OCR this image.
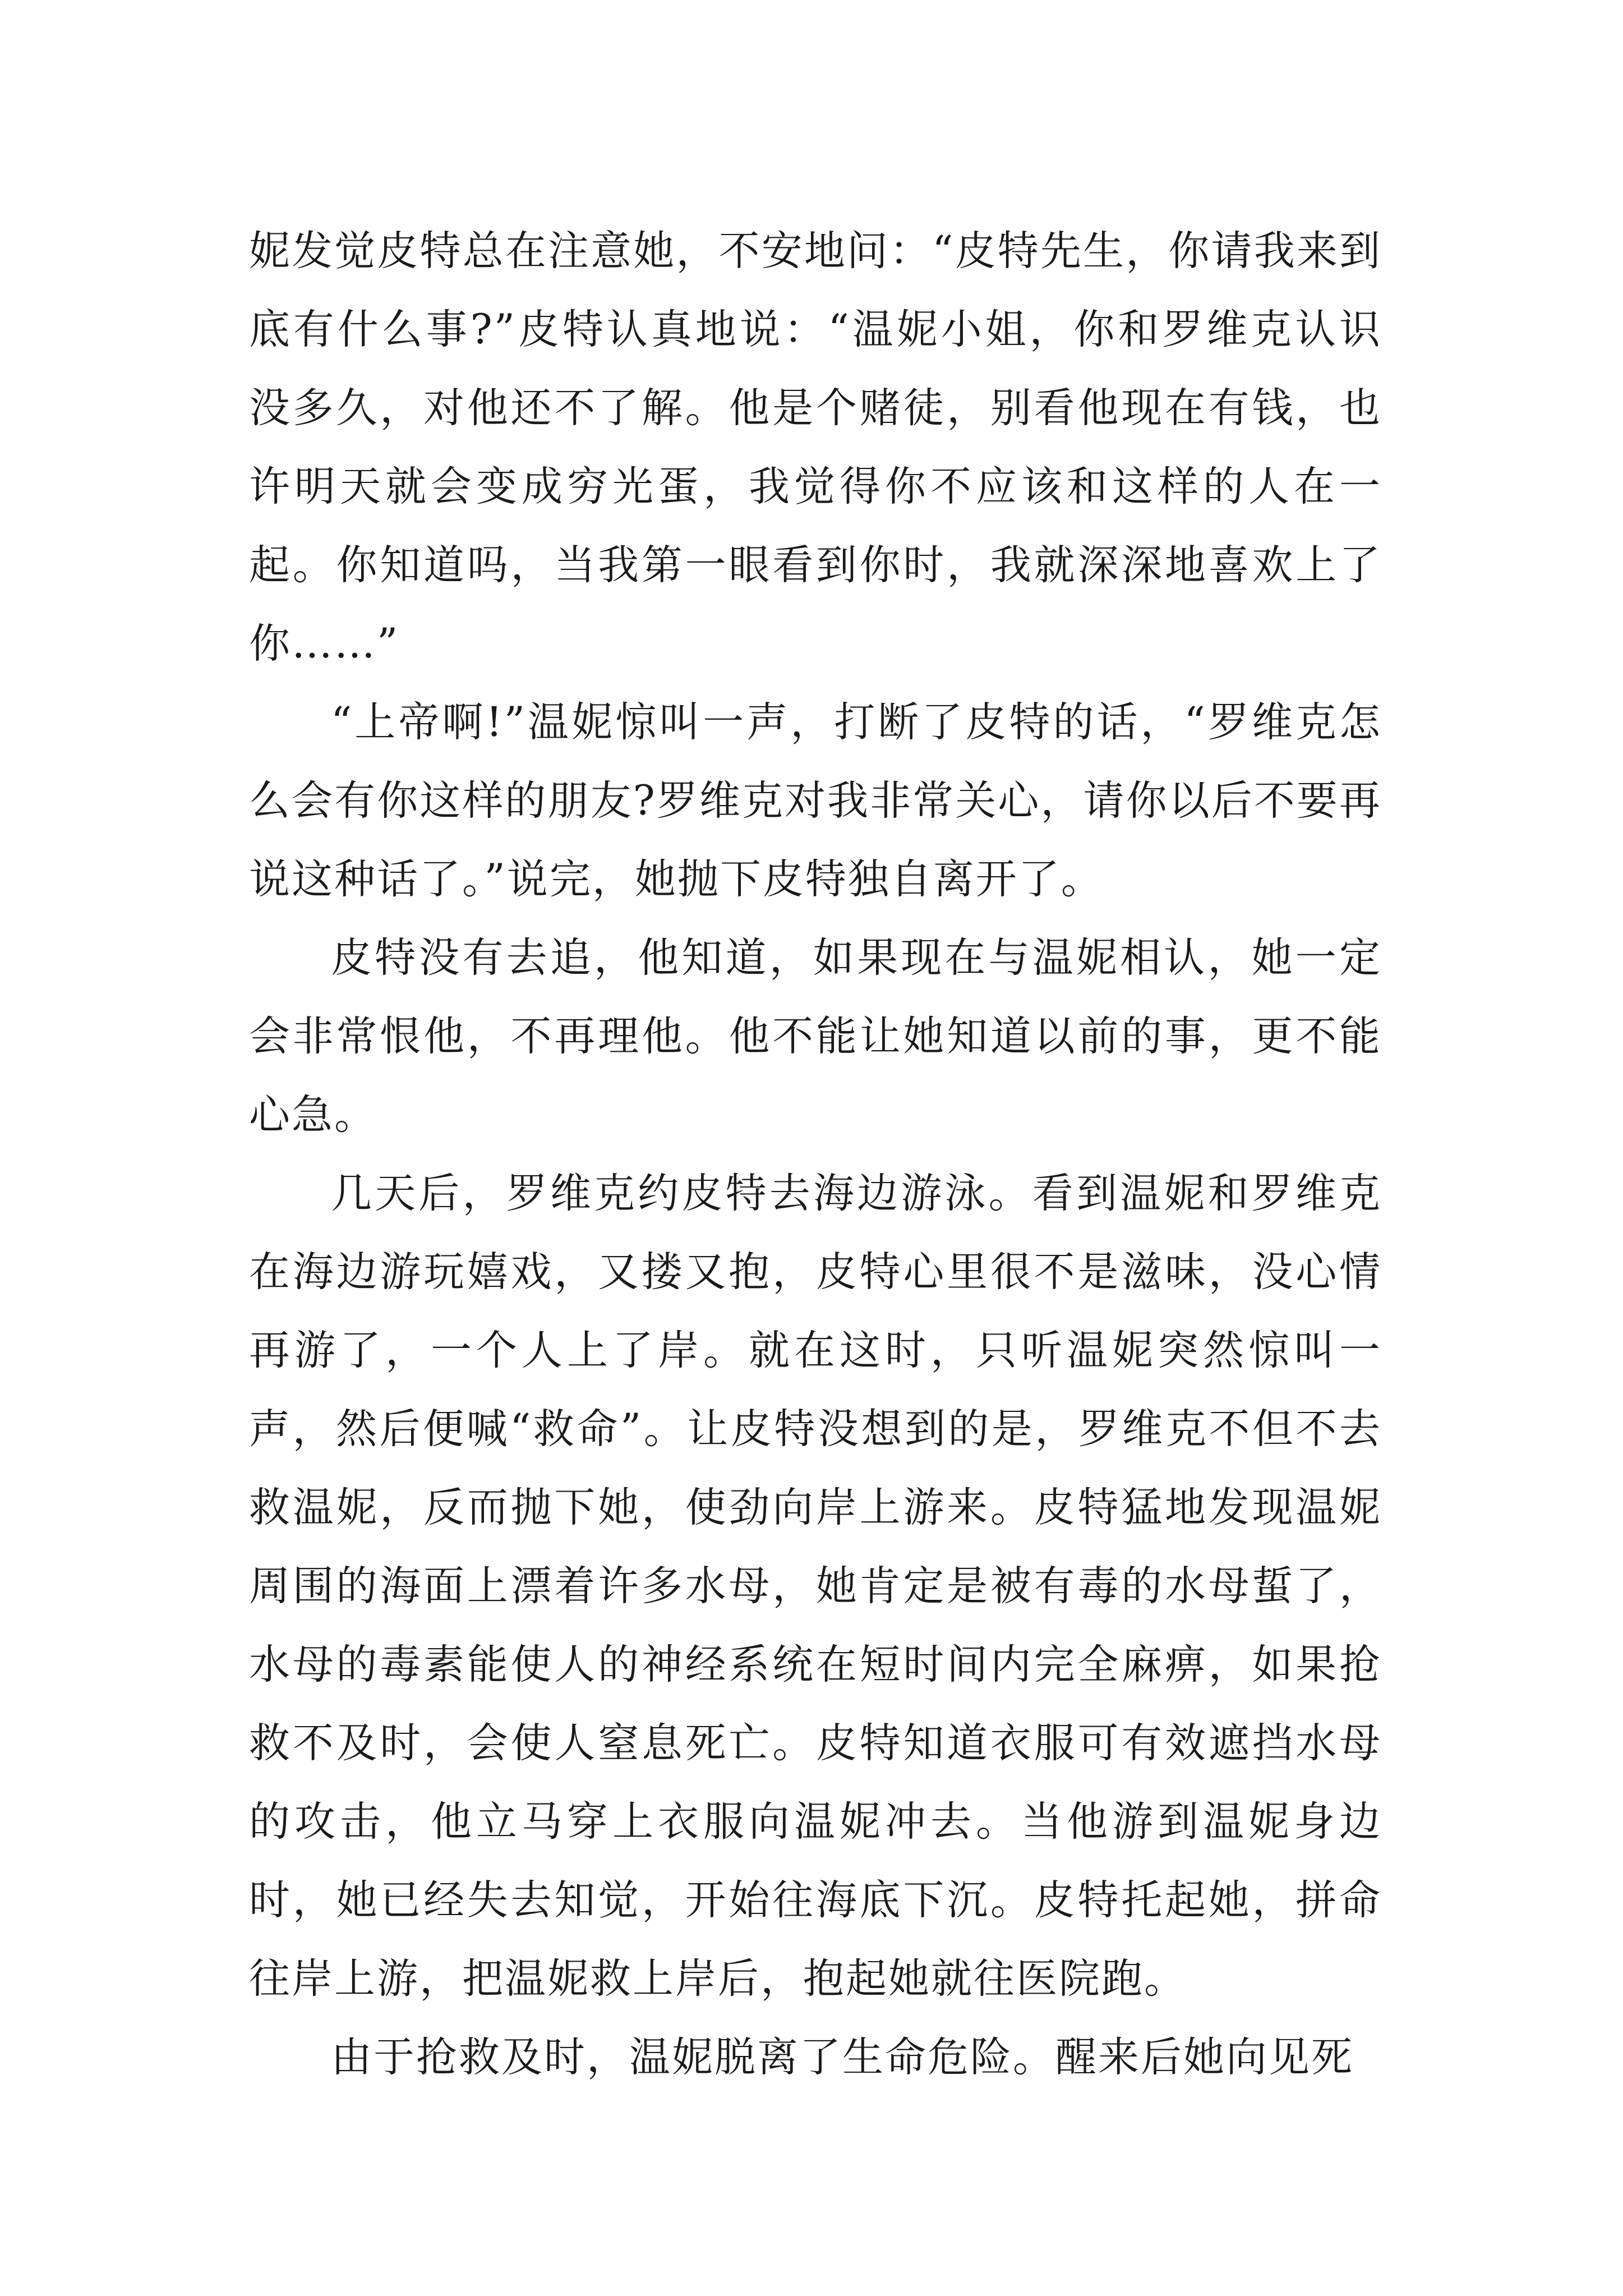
妮发觉皮特总在注意她，不安地问：“皮特先生，你请我来到底有什么事?”皮特认真地说：“温妮小姐，你和罗维克认识没多久，对他还不了解。他是个赌徒，别看他现在有钱，也许明天就会变成穷光蛋，我觉得你不应该和这样的人在一起。你知道吗，当我第一眼看到你时，我就深深地喜欢上了你……”

“上帝啊!”温妮惊叫一声，打断了皮特的话，“罗维克怎么会有你这样的朋友?罗维克对我非常关心，请你以后不要再说这种话了。”说完，她抛下皮特独自离开了。

皮特没有去追，他知道，如果现在与温妮相认，她一定会非常恨他，不再理他。他不能让她知道以前的事，更不能心急。

几天后，罗维克约皮特去海边游泳。看到温妮和罗维克在海边游玩嬉戏，又搂又抱，皮特心里很不是滋味，没心情再游了，一个人上了岸。就在这时，只听温妮突然惊叫一声，然后便喊“救命”。让皮特没想到的是，罗维克不但不去救温妮，反而抛下她，使劲向岸上游来。皮特猛地发现温妮周围的海面上漂着许多水母，她肯定是被有毒的水母蜇了，水母的毒素能使人的神经系统在短时间内完全麻痹，如果抢救不及时，会使人窒息死亡。皮特知道衣服可有效遮挡水母的攻击，他立马穿上衣服向温妮冲去。当他游到温妮身边时，她已经失去知觉，开始往海底下沉。皮特托起她，拼命往岸上游，把温妮救上岸后，抱起她就往医院跑。

由于抢救及时，温妮脱离了生命危险。醒来后她向见死
